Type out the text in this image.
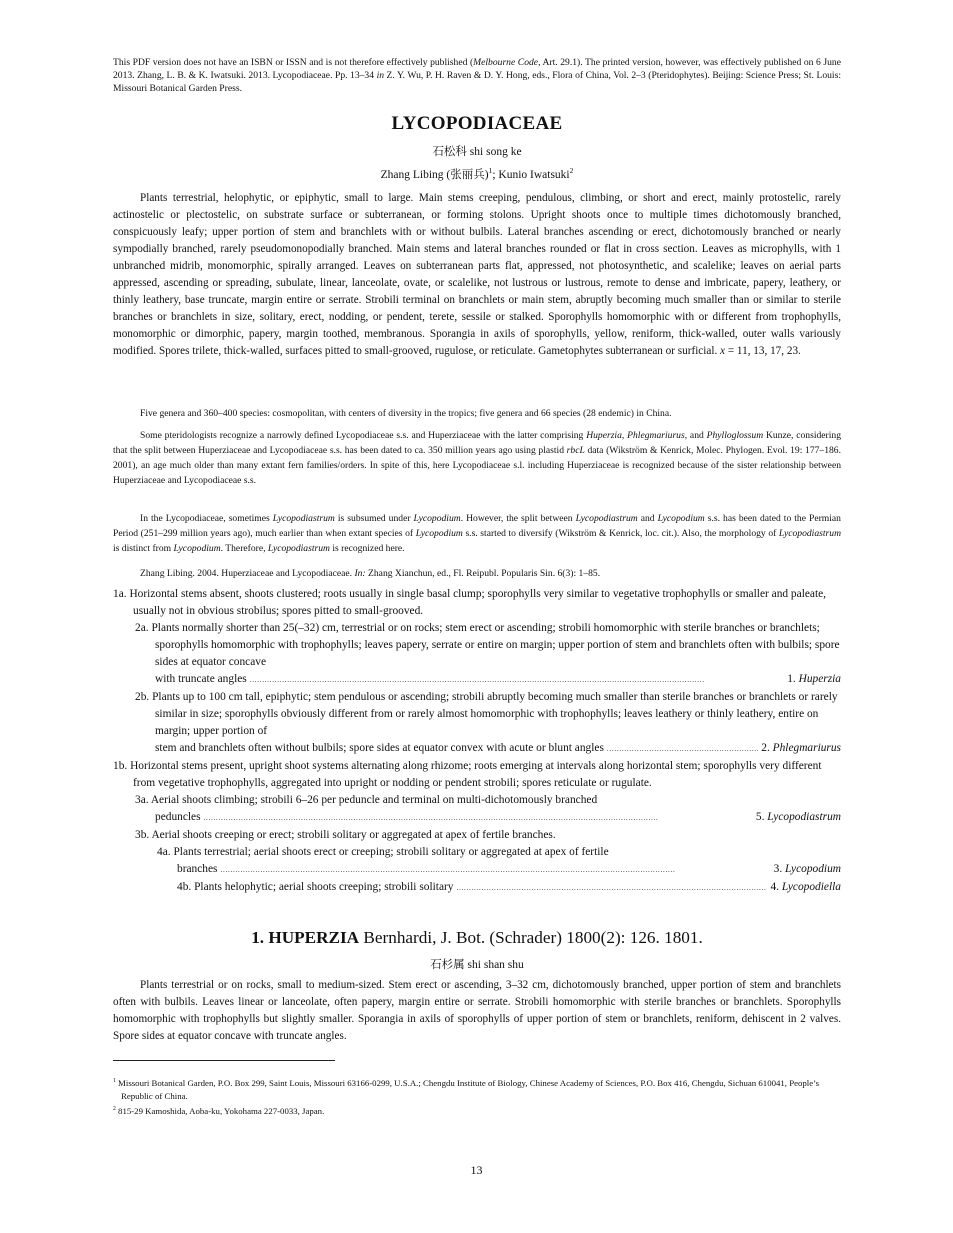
This PDF version does not have an ISBN or ISSN and is not therefore effectively published (Melbourne Code, Art. 29.1). The printed version, however, was effectively published on 6 June 2013. Zhang, L. B. & K. Iwatsuki. 2013. Lycopodiaceae. Pp. 13–34 in Z. Y. Wu, P. H. Raven & D. Y. Hong, eds., Flora of China, Vol. 2–3 (Pteridophytes). Beijing: Science Press; St. Louis: Missouri Botanical Garden Press.
LYCOPODIACEAE
石松科 shi song ke
Zhang Libing (张丽兵)$^1$; Kunio Iwatsuki$^2$
Plants terrestrial, helophytic, or epiphytic, small to large. Main stems creeping, pendulous, climbing, or short and erect, mainly protostelic, rarely actinostelic or plectostelic, on substrate surface or subterranean, or forming stolons. Upright shoots once to multiple times dichotomously branched, conspicuously leafy; upper portion of stem and branchlets with or without bulbils. Lateral branches ascending or erect, dichotomously branched or nearly sympodially branched, rarely pseudomonopodially branched. Main stems and lateral branches rounded or flat in cross section. Leaves as microphylls, with 1 unbranched midrib, monomorphic, spirally arranged. Leaves on subterranean parts flat, appressed, not photosynthetic, and scalelike; leaves on aerial parts appressed, ascending or spreading, subulate, linear, lanceolate, ovate, or scalelike, not lustrous or lustrous, remote to dense and imbricate, papery, leathery, or thinly leathery, base truncate, margin entire or serrate. Strobili terminal on branchlets or main stem, abruptly becoming much smaller than or similar to sterile branches or branchlets in size, solitary, erect, nodding, or pendent, terete, sessile or stalked. Sporophylls homomorphic with or different from trophophylls, monomorphic or dimorphic, papery, margin toothed, membranous. Sporangia in axils of sporophylls, yellow, reniform, thick-walled, outer walls variously modified. Spores trilete, thick-walled, surfaces pitted to small-grooved, rugulose, or reticulate. Gametophytes subterranean or surficial. x = 11, 13, 17, 23.
Five genera and 360–400 species: cosmopolitan, with centers of diversity in the tropics; five genera and 66 species (28 endemic) in China.
Some pteridologists recognize a narrowly defined Lycopodiaceae s.s. and Huperziaceae with the latter comprising Huperzia, Phlegmariurus, and Phylloglossum Kunze, considering that the split between Huperziaceae and Lycopodiaceae s.s. has been dated to ca. 350 million years ago using plastid rbcL data (Wikström & Kenrick, Molec. Phylogen. Evol. 19: 177–186. 2001), an age much older than many extant fern families/orders. In spite of this, here Lycopodiaceae s.l. including Huperziaceae is recognized because of the sister relationship between Huperziaceae and Lycopodiaceae s.s.
In the Lycopodiaceae, sometimes Lycopodiastrum is subsumed under Lycopodium. However, the split between Lycopodiastrum and Lycopodium s.s. has been dated to the Permian Period (251–299 million years ago), much earlier than when extant species of Lycopodium s.s. started to diversify (Wikström & Kenrick, loc. cit.). Also, the morphology of Lycopodiastrum is distinct from Lycopodium. Therefore, Lycopodiastrum is recognized here.
Zhang Libing. 2004. Huperziaceae and Lycopodiaceae. In: Zhang Xianchun, ed., Fl. Reipubl. Popularis Sin. 6(3): 1–85.
1a. Horizontal stems absent, shoots clustered; roots usually in single basal clump; sporophylls very similar to vegetative trophophylls or smaller and paleate, usually not in obvious strobilus; spores pitted to small-grooved.
2a. Plants normally shorter than 25(–32) cm, terrestrial or on rocks; stem erect or ascending; strobili homomorphic with sterile branches or branchlets; sporophylls homomorphic with trophophylls; leaves papery, serrate or entire on margin; upper portion of stem and branchlets often with bulbils; spore sides at equator concave
with truncate angles . . .	1. Huperzia
2b. Plants up to 100 cm tall, epiphytic; stem pendulous or ascending; strobili abruptly becoming much smaller than sterile branches or branchlets or rarely similar in size; sporophylls obviously different from or rarely almost homomorphic with trophophylls; leaves leathery or thinly leathery, entire on margin; upper portion of
stem and branchlets often without bulbils; spore sides at equator convex with acute or blunt angles . . .	2. Phlegmariurus
1b. Horizontal stems present, upright shoot systems alternating along rhizome; roots emerging at intervals along horizontal stem; sporophylls very different from vegetative trophophylls, aggregated into upright or nodding or pendent strobili; spores reticulate or rugulate.
3a. Aerial shoots climbing; strobili 6–26 per peduncle and terminal on multi-dichotomously branched
peduncles . . .	5. Lycopodiastrum
3b. Aerial shoots creeping or erect; strobili solitary or aggregated at apex of fertile branches.
4a. Plants terrestrial; aerial shoots erect or creeping; strobili solitary or aggregated at apex of fertile
branches . . .	3. Lycopodium
4b. Plants helophytic; aerial shoots creeping; strobili solitary . . .	4. Lycopodiella
1. HUPERZIA Bernhardi, J. Bot. (Schrader) 1800(2): 126. 1801.
石杉属 shi shan shu
Plants terrestrial or on rocks, small to medium-sized. Stem erect or ascending, 3–32 cm, dichotomously branched, upper portion of stem and branchlets often with bulbils. Leaves linear or lanceolate, often papery, margin entire or serrate. Strobili homomorphic with sterile branches or branchlets. Sporophylls homomorphic with trophophylls but slightly smaller. Sporangia in axils of sporophylls of upper portion of stem or branchlets, reniform, dehiscent in 2 valves. Spore sides at equator concave with truncate angles.
$^1$ Missouri Botanical Garden, P.O. Box 299, Saint Louis, Missouri 63166-0299, U.S.A.; Chengdu Institute of Biology, Chinese Academy of Sciences, P.O. Box 416, Chengdu, Sichuan 610041, People’s Republic of China.
$^2$ 815-29 Kamoshida, Aoba-ku, Yokohama 227-0033, Japan.
13
